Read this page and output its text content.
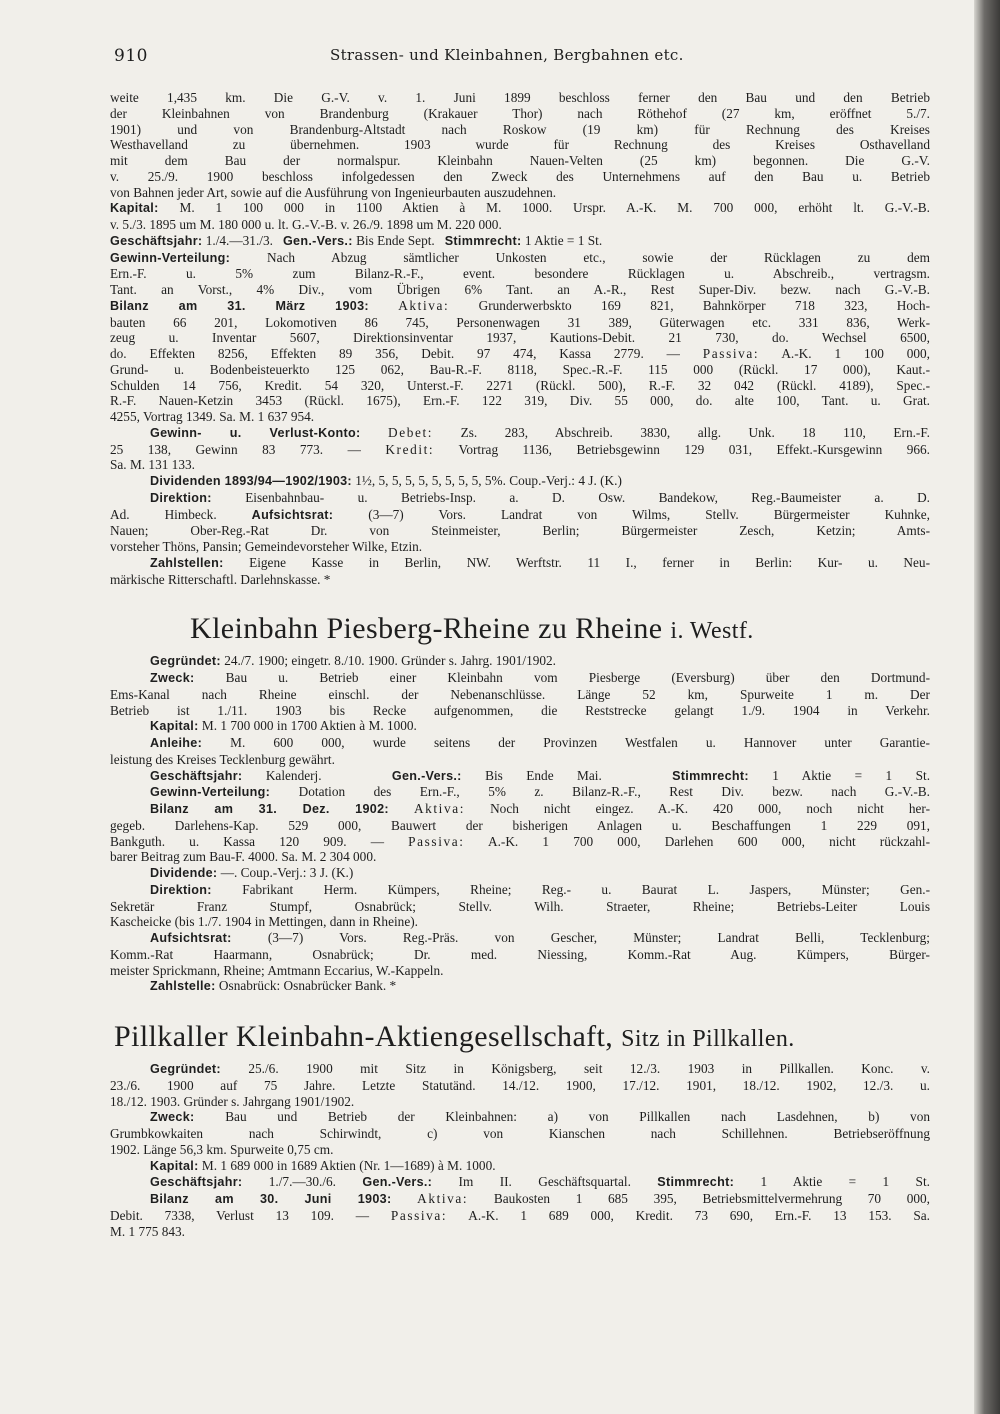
910	Strassen- und Kleinbahnen, Bergbahnen etc.
weite 1,435 km. Die G.-V. v. 1. Juni 1899 beschloss ferner den Bau und den Betrieb
der Kleinbahnen von Brandenburg (Krakauer Thor) nach Röthehof (27 km, eröffnet 5./7.
1901) und von Brandenburg-Altstadt nach Roskow (19 km) für Rechnung des Kreises
Westhavelland zu übernehmen. 1903 wurde für Rechnung des Kreises Osthavelland
mit dem Bau der normalspur. Kleinbahn Nauen-Velten (25 km) begonnen. Die G.-V.
v. 25./9. 1900 beschloss infolgedessen den Zweck des Unternehmens auf den Bau u. Betrieb
von Bahnen jeder Art, sowie auf die Ausführung von Ingenieurbauten auszudehnen.
Kapital: M. 1 100 000 in 1100 Aktien à M. 1000. Urspr. A.-K. M. 700 000, erhöht lt. G.-V.-B.
v. 5./3. 1895 um M. 180 000 u. lt. G.-V.-B. v. 26./9. 1898 um M. 220 000.
Geschäftsjahr: 1./4.—31./3. Gen.-Vers.: Bis Ende Sept. Stimmrecht: 1 Aktie = 1 St.
Gewinn-Verteilung:	Nach Abzug sämtlicher Unkosten etc., sowie der Rücklagen zu dem
Ern.-F. u. 5% zum Bilanz-R.-F., event. besondere Rücklagen u. Abschreib., vertragsm.
Tant. an Vorst., 4% Div., vom Übrigen 6% Tant. an A.-R., Rest Super-Div. bezw. nach G.-V.-B.
Bilanz am 31. März 1903: Aktiva: Grunderwerbskto 169 821, Bahnkörper 718 323, Hoch-
bauten 66 201, Lokomotiven 86 745, Personenwagen 31 389, Güterwagen etc. 331 836, Werk-
zeug u. Inventar 5607, Direktionsinventar 1937, Kautions-Debit. 21 730, do. Wechsel 6500,
do. Effekten 8256, Effekten 89 356, Debit. 97 474, Kassa 2779. — Passiva: A.-K. 1 100 000,
Grund- u. Bodenbeisteuerkto 125 062, Bau-R.-F. 8118, Spec.-R.-F. 115 000 (Rückl. 17 000), Kaut.-
Schulden 14 756, Kredit. 54 320, Unterst.-F. 2271 (Rückl. 500), R.-F. 32 042 (Rückl. 4189), Spec.-
R.-F. Nauen-Ketzin 3453 (Rückl. 1675), Ern.-F. 122 319, Div. 55 000, do. alte 100, Tant. u. Grat.
4255, Vortrag 1349. Sa. M. 1 637 954.
Gewinn- u. Verlust-Konto: Debet: Zs. 283, Abschreib. 3830, allg. Unk. 18 110, Ern.-F.
25 138, Gewinn 83 773. — Kredit: Vortrag 1136, Betriebsgewinn 129 031, Effekt.-Kursgewinn 966.
Sa. M. 131 133.
Dividenden 1893/94—1902/1903: 1½, 5, 5, 5, 5, 5, 5, 5, 5, 5%. Coup.-Verj.: 4 J. (K.)
Direktion:	Eisenbahnbau- u. Betriebs-Insp. a. D. Osw. Bandekow, Reg.-Baumeister a. D.
Ad. Himbeck.	Aufsichtsrat:	(3—7) Vors. Landrat von Wilms, Stellv. Bürgermeister Kuhnke,
Nauen; Ober-Reg.-Rat Dr. von Steinmeister, Berlin; Bürgermeister Zesch, Ketzin; Amts-
vorsteher Thöns, Pansin; Gemeindevorsteher Wilke, Etzin.
Zahlstellen: Eigene Kasse in Berlin, NW. Werftstr. 11 I., ferner in Berlin: Kur- u. Neu-
märkische Ritterschaftl. Darlehnskasse. *
Kleinbahn Piesberg-Rheine zu Rheine i. Westf.
Gegründet: 24./7. 1900; eingetr. 8./10. 1900. Gründer s. Jahrg. 1901/1902.
Zweck: Bau u. Betrieb einer Kleinbahn vom Piesberge (Eversburg) über den Dortmund-
Ems-Kanal nach Rheine einschl. der Nebenanschlüsse. Länge 52 km, Spurweite 1 m. Der
Betrieb ist 1./11. 1903 bis Recke aufgenommen, die Reststrecke gelangt 1./9. 1904 in Verkehr.
Kapital: M. 1 700 000 in 1700 Aktien à M. 1000.
Anleihe: M. 600 000, wurde seitens der Provinzen Westfalen u. Hannover unter Garantie-
leistung des Kreises Tecklenburg gewährt.
Geschäftsjahr: Kalenderj.	Gen.-Vers.: Bis Ende Mai.	Stimmrecht: 1 Aktie = 1 St.
Gewinn-Verteilung: Dotation des Ern.-F., 5% z. Bilanz-R.-F., Rest Div. bezw. nach G.-V.-B.
Bilanz am 31. Dez. 1902: Aktiva: Noch nicht eingez. A.-K. 420 000, noch nicht her-
gegeb. Darlehens-Kap. 529 000, Bauwert der bisherigen Anlagen u. Beschaffungen 1 229 091,
Bankguth. u. Kassa 120 909. — Passiva: A.-K. 1 700 000, Darlehen 600 000, nicht rückzahl-
barer Beitrag zum Bau-F. 4000. Sa. M. 2 304 000.
Dividende: —. Coup.-Verj.: 3 J. (K.)
Direktion: Fabrikant Herm. Kümpers, Rheine; Reg.- u. Baurat L. Jaspers, Münster; Gen.-
Sekretär Franz Stumpf, Osnabrück; Stellv. Wilh. Straeter, Rheine; Betriebs-Leiter Louis
Kascheicke (bis 1./7. 1904 in Mettingen, dann in Rheine).
Aufsichtsrat:	(3—7) Vors. Reg.-Präs. von Gescher, Münster; Landrat Belli, Tecklenburg;
Komm.-Rat Haarmann, Osnabrück; Dr. med. Niessing, Komm.-Rat Aug. Kümpers, Bürger-
meister Sprickmann, Rheine; Amtmann Eccarius, W.-Kappeln.
Zahlstelle: Osnabrück: Osnabrücker Bank. *
Pillkaller Kleinbahn-Aktiengesellschaft, Sitz in Pillkallen.
Gegründet: 25./6. 1900 mit Sitz in Königsberg, seit 12./3. 1903 in Pillkallen. Konc. v.
23./6. 1900 auf 75 Jahre. Letzte Statutänd. 14./12. 1900, 17./12. 1901, 18./12. 1902, 12./3. u.
18./12. 1903. Gründer s. Jahrgang 1901/1902.
Zweck: Bau und Betrieb der Kleinbahnen: a) von Pillkallen nach Lasdehnen, b) von
Grumbkowkaiten nach Schirwindt, c) von Kianschen nach Schillehnen. Betriebseröffnung
1902. Länge 56,3 km. Spurweite 0,75 cm.
Kapital: M. 1 689 000 in 1689 Aktien (Nr. 1—1689) à M. 1000.
Geschäftsjahr: 1./7.—30./6. Gen.-Vers.: Im II. Geschäftsquartal. Stimmrecht: 1 Aktie = 1 St.
Bilanz am 30. Juni 1903: Aktiva: Baukosten 1 685 395, Betriebsmittelvermehrung 70 000,
Debit. 7338, Verlust 13 109. — Passiva: A.-K. 1 689 000, Kredit. 73 690, Ern.-F. 13 153. Sa.
M. 1 775 843.
